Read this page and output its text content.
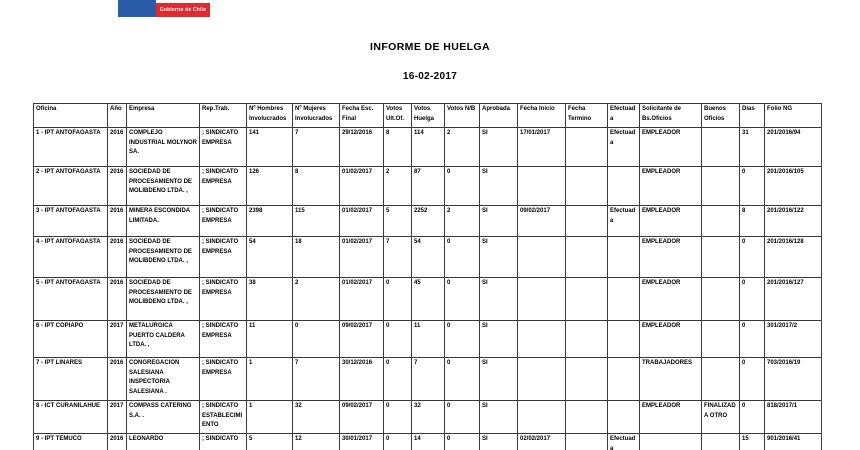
Gobierno de Chile
INFORME DE HUELGA
16-02-2017
Oficina	Año	Empresa	Rep.Trab.	Nº Hombres Involucrados	Nº Mujeres Involucrados	Fecha Esc. Final	Votos Ult.Of.	Votos Huelga	Votos N/B	Aprobada	Fecha Inicio	Fecha Termino	Efectuada	Solicitante de Bs.Oficios	Buenos Oficios	Días	Folio NG
1 - IPT ANTOFAGASTA	2016	COMPLEJO INDUSTRIAL MOLYNOR SA.	; SINDICATO EMPRESA	141	7	29/12/2016	8	114	2	SI	17/01/2017		Efectuada	EMPLEADOR		31	201/2016/94
2 - IPT ANTOFAGASTA	2016	SOCIEDAD DE PROCESAMIENTO DE MOLIBDENO LTDA. ,	; SINDICATO EMPRESA	126	8	01/02/2017	2	87	0	SI				EMPLEADOR		0	201/2016/105
3 - IPT ANTOFAGASTA	2016	MINERA ESCONDIDA LIMITADA.	; SINDICATO EMPRESA	2398	115	01/02/2017	5	2252	2	SI	09/02/2017		Efectuada	EMPLEADOR		8	201/2016/122
4 - IPT ANTOFAGASTA	2016	SOCIEDAD DE PROCESAMIENTO DE MOLIBDENO LTDA. ,	; SINDICATO EMPRESA	54	18	01/02/2017	7	54	0	SI				EMPLEADOR		0	201/2016/128
5 - IPT ANTOFAGASTA	2016	SOCIEDAD DE PROCESAMIENTO DE MOLIBDENO LTDA. ,	; SINDICATO EMPRESA	38	2	01/02/2017	0	45	0	SI				EMPLEADOR		0	201/2016/127
6 - IPT COPIAPO	2017	METALURGICA PUERTO CALDERA LTDA. ,	; SINDICATO EMPRESA	11	0	09/02/2017	0	11	0	SI				EMPLEADOR		0	301/2017/2
7 - IPT LINARES	2016	CONGREGACION SALESIANA INSPECTORIA SALESIANA .	; SINDICATO EMPRESA	1	7	30/12/2016	0	7	0	SI				TRABAJADORES		0	703/2016/19
8 - ICT CURANILAHUE	2017	COMPASS CATERING S.A. .	; SINDICATO ESTABLECIMIENTO	1	32	09/02/2017	0	32	0	SI				EMPLEADOR	FINALIZADA OTRO	0	818/2017/1
9 - IPT TEMUCO	2016	LEONARDO	; SINDICATO	5	12	30/01/2017	0	14	0	SI	02/02/2017		Efectuada			15	901/2016/41
